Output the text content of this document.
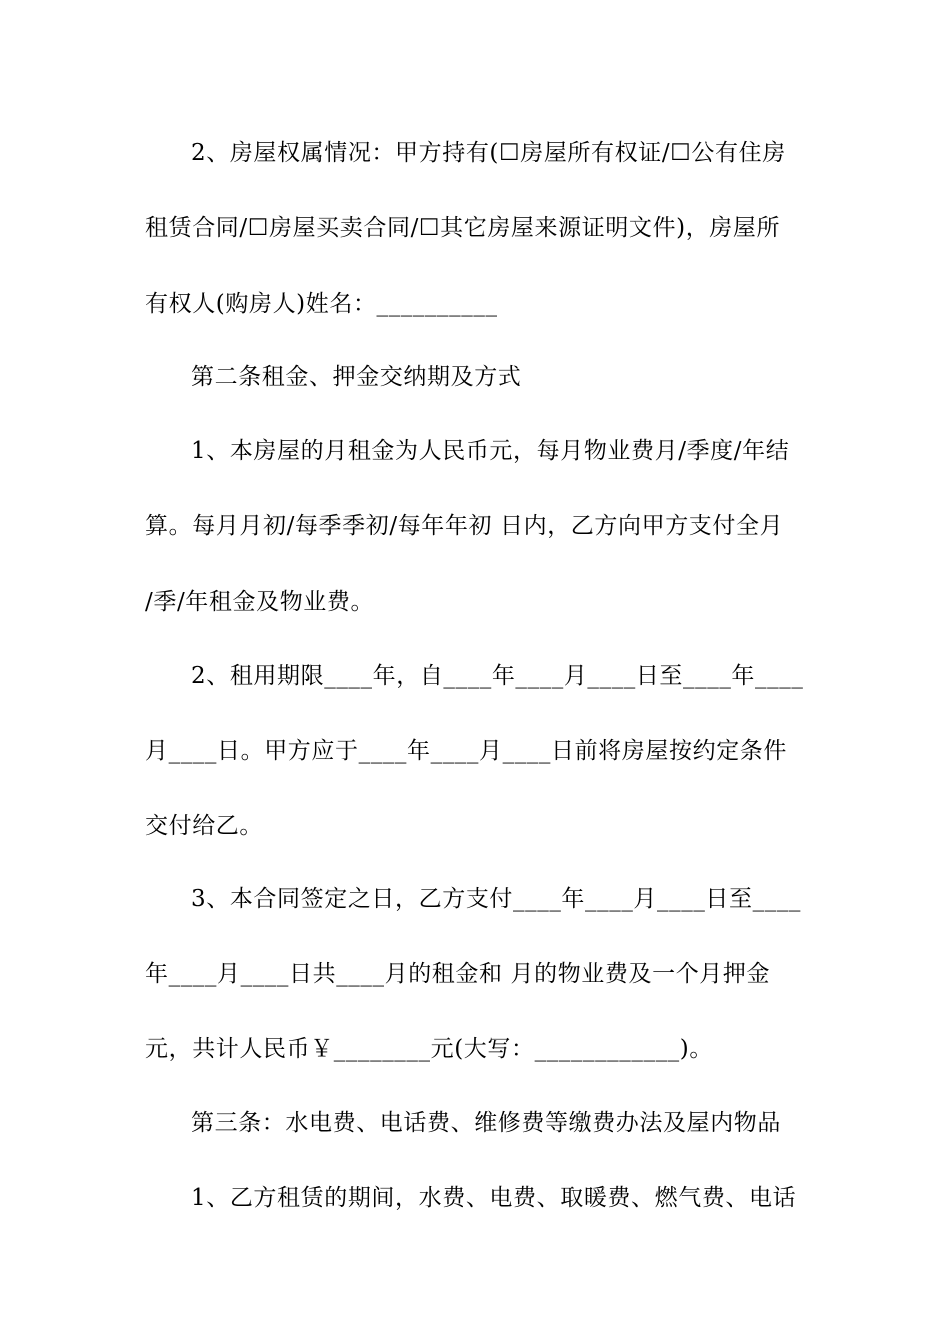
2、房屋权属情况：甲方持有(☐房屋所有权证/☐公有住房
租赁合同/☐房屋买卖合同/☐其它房屋来源证明文件)，房屋所
有权人(购房人)姓名：__________
第二条租金、押金交纳期及方式
1、本房屋的月租金为人民币元，每月物业费月/季度/年结
算。每月月初/每季季初/每年年初 日内，乙方向甲方支付全月
/季/年租金及物业费。
2、租用期限____年，自____年____月____日至____年____
月____日。甲方应于____年____月____日前将房屋按约定条件
交付给乙。
3、本合同签定之日，乙方支付____年____月____日至____
年____月____日共____月的租金和 月的物业费及一个月押金
元，共计人民币￥________元(大写：____________)。
第三条：水电费、电话费、维修费等缴费办法及屋内物品
1、乙方租赁的期间，水费、电费、取暖费、燃气费、电话
